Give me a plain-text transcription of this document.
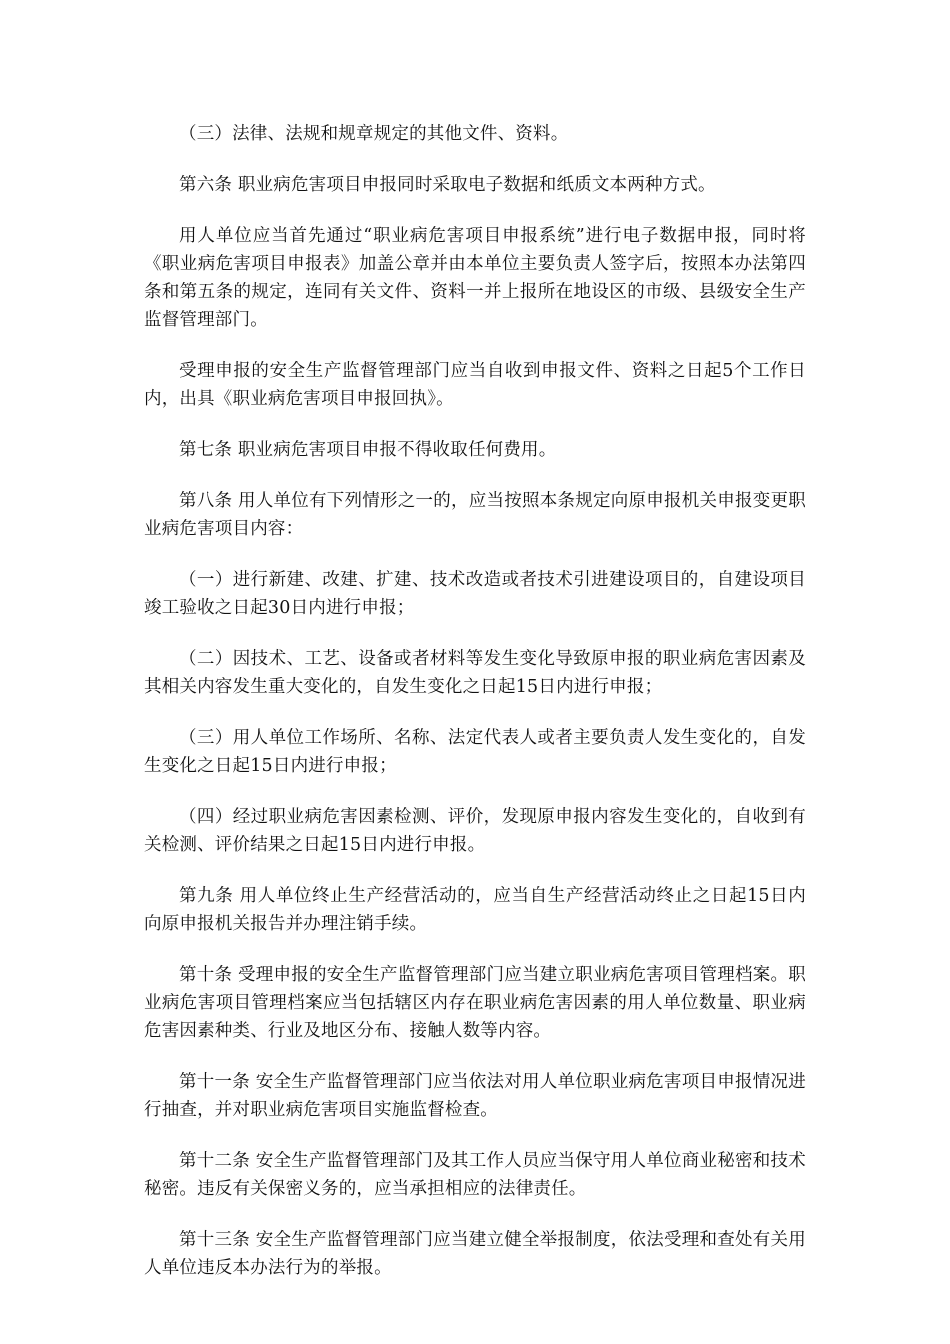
（三）法律、法规和规章规定的其他文件、资料。

第六条 职业病危害项目申报同时采取电子数据和纸质文本两种方式。

用人单位应当首先通过“职业病危害项目申报系统”进行电子数据申报，同时将《职业病危害项目申报表》加盖公章并由本单位主要负责人签字后，按照本办法第四条和第五条的规定，连同有关文件、资料一并上报所在地设区的市级、县级安全生产监督管理部门。

受理申报的安全生产监督管理部门应当自收到申报文件、资料之日起5个工作日内，出具《职业病危害项目申报回执》。

第七条 职业病危害项目申报不得收取任何费用。

第八条 用人单位有下列情形之一的，应当按照本条规定向原申报机关申报变更职业病危害项目内容：

（一）进行新建、改建、扩建、技术改造或者技术引进建设项目的，自建设项目竣工验收之日起30日内进行申报；

（二）因技术、工艺、设备或者材料等发生变化导致原申报的职业病危害因素及其相关内容发生重大变化的，自发生变化之日起15日内进行申报；

（三）用人单位工作场所、名称、法定代表人或者主要负责人发生变化的，自发生变化之日起15日内进行申报；

（四）经过职业病危害因素检测、评价，发现原申报内容发生变化的，自收到有关检测、评价结果之日起15日内进行申报。

第九条 用人单位终止生产经营活动的，应当自生产经营活动终止之日起15日内向原申报机关报告并办理注销手续。

第十条 受理申报的安全生产监督管理部门应当建立职业病危害项目管理档案。职业病危害项目管理档案应当包括辖区内存在职业病危害因素的用人单位数量、职业病危害因素种类、行业及地区分布、接触人数等内容。

第十一条 安全生产监督管理部门应当依法对用人单位职业病危害项目申报情况进行抽查，并对职业病危害项目实施监督检查。

第十二条 安全生产监督管理部门及其工作人员应当保守用人单位商业秘密和技术秘密。违反有关保密义务的，应当承担相应的法律责任。

第十三条 安全生产监督管理部门应当建立健全举报制度，依法受理和查处有关用人单位违反本办法行为的举报。
